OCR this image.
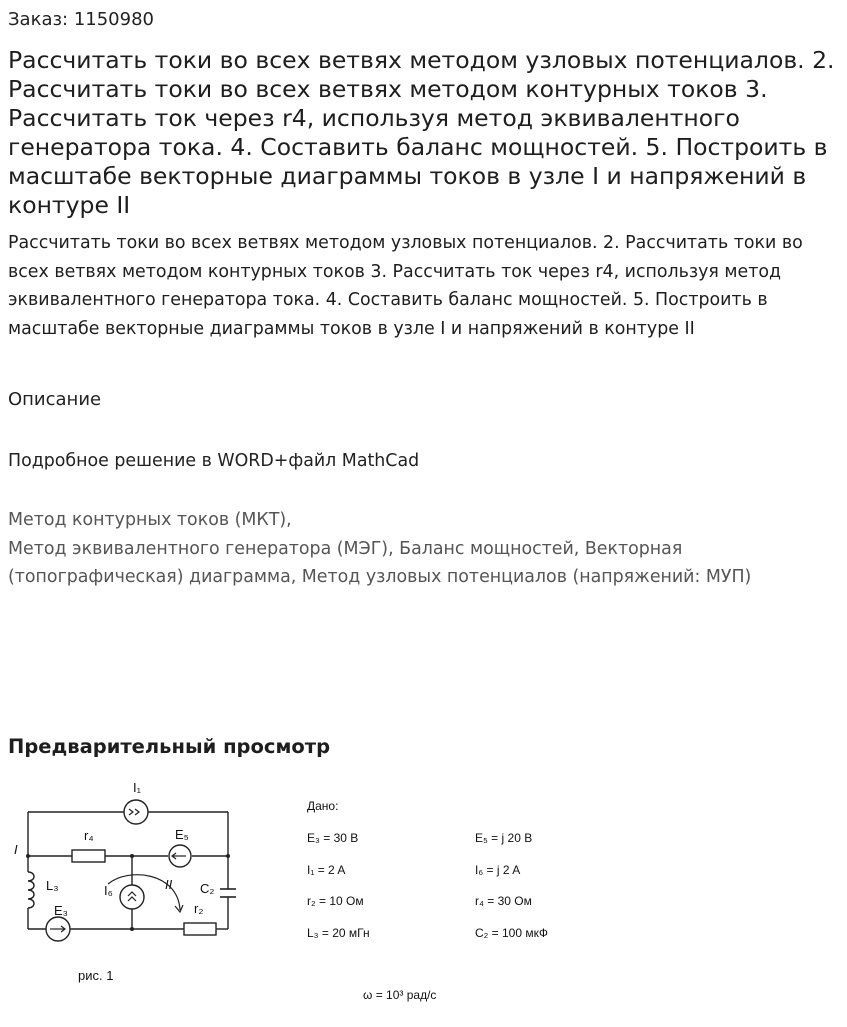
Заказ: 1150980
Рассчитать токи во всех ветвях методом узловых потенциалов. 2. Рассчитать токи во всех ветвях методом контурных токов 3. Рассчитать ток через r4, используя метод эквивалентного генератора тока. 4. Составить баланс мощностей. 5. Построить в масштабе векторные диаграммы токов в узле I и напряжений в контуре II

Рассчитать токи во всех ветвях методом узловых потенциалов. 2. Рассчитать токи во всех ветвях методом контурных токов 3. Рассчитать ток через r4, используя метод эквивалентного генератора тока. 4. Составить баланс мощностей. 5. Построить в масштабе векторные диаграммы токов в узле I и напряжений в контуре II

Описание
Подробное решение в WORD+файл MathCad
Метод контурных токов (МКТ),
Метод эквивалентного генератора (МЭГ), Баланс мощностей, Векторная (топографическая) диаграмма, Метод узловых потенциалов (напряжений: МУП)
Предварительный просмотр
I₁
r₄	E₅
I
L₃	I₆	II C₂
E₃	r₂
рис. 1
Дано:
E₃ = 30 В	E₅ = j 20 В
I₁ = 2 A	I₆ = j 2 A
r₂ = 10 Ом	r₄ = 30 Ом
L₃ = 20 мГн	C₂ = 100 мкФ
ω = 10³ рад/с
